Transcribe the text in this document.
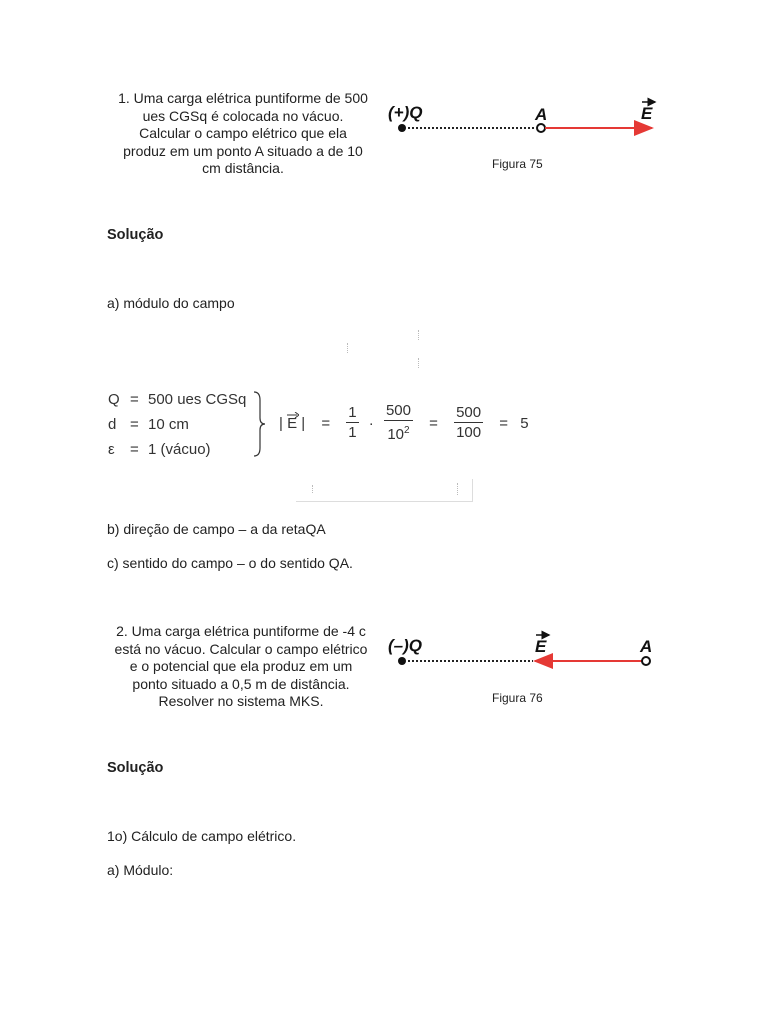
1. Uma carga elétrica puntiforme de 500
ues CGSq é colocada no vácuo.
Calcular o campo elétrico que ela
produz em um ponto A situado a de 10
cm distância.
(+)Q	A	E
Figura 75
Solução
a) módulo do campo
Q = 500 ues CGSq
d = 10 cm
ε = 1 (vácuo)
| E | = $\frac{1}{1} \cdot \frac{500}{10^2} = \frac{500}{100} = 5$
b) direção de campo – a da retaQA
c) sentido do campo – o do sentido QA.
2. Uma carga elétrica puntiforme de -4 c
está no vácuo. Calcular o campo elétrico
e o potencial que ela produz em um
ponto situado a 0,5 m de distância.
Resolver no sistema MKS.
(–)Q	E	A
Figura 76
Solução
1o) Cálculo de campo elétrico.
a) Módulo:
